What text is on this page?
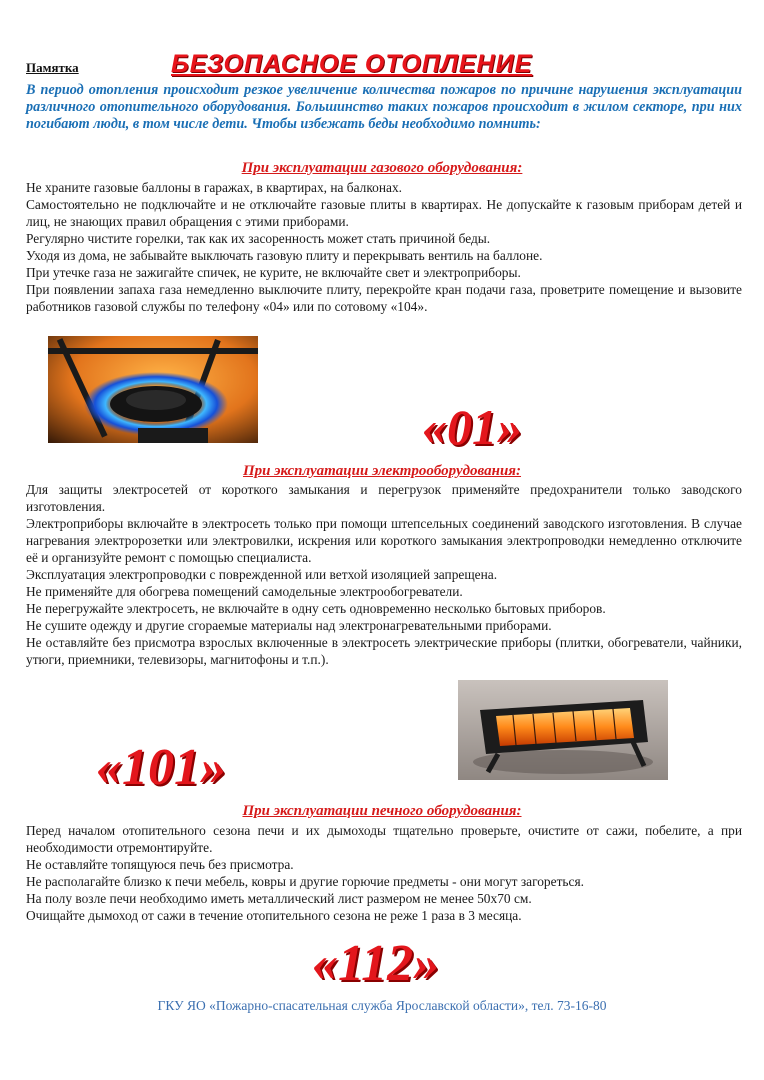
Памятка	БЕЗОПАСНОЕ ОТОПЛЕНИЕ

В период отопления происходит резкое увеличение количества пожаров по причине нарушения эксплуатации различного отопительного оборудования. Большинство таких пожаров происходит в жилом секторе, при них погибают люди, в том числе дети. Чтобы избежать беды необходимо помнить:

При эксплуатации газового оборудования:

Не храните газовые баллоны в гаражах, в квартирах, на балконах.
Самостоятельно не подключайте и не отключайте газовые плиты в квартирах. Не допускайте к газовым приборам детей и лиц, не знающих правил обращения с этими приборами.
Регулярно чистите горелки, так как их засоренность может стать причиной беды.
Уходя из дома, не забывайте выключать газовую плиту и перекрывать вентиль на баллоне.
При утечке газа не зажигайте спичек, не курите, не включайте свет и электроприборы.
При появлении запаха газа немедленно выключите плиту, перекройте кран подачи газа, проветрите помещение и вызовите работников газовой службы по телефону «04» или по сотовому «104».
«01»

При эксплуатации электрооборудования:

Для защиты электросетей от короткого замыкания и перегрузок применяйте предохранители только заводского изготовления.
Электроприборы включайте в электросеть только при помощи штепсельных соединений заводского изготовления. В случае нагревания электророзетки или электровилки, искрения или короткого замыкания электропроводки немедленно отключите её и организуйте ремонт с помощью специалиста.
Эксплуатация электропроводки с поврежденной или ветхой изоляцией запрещена.
Не применяйте для обогрева помещений самодельные электрообогреватели.
Не перегружайте электросеть, не включайте в одну сеть одновременно несколько бытовых приборов.
Не сушите одежду и другие сгораемые материалы над электронагревательными приборами.
Не оставляйте без присмотра взрослых включенные в электросеть электрические приборы (плитки, обогреватели, чайники, утюги, приемники, телевизоры, магнитофоны и т.п.).
«101»

При эксплуатации печного оборудования:

Перед началом отопительного сезона печи и их дымоходы тщательно проверьте, очистите от сажи, побелите, а при необходимости отремонтируйте.
Не оставляйте топящуюся печь без присмотра.
Не располагайте близко к печи мебель, ковры и другие горючие предметы - они могут загореться.
На полу возле печи необходимо иметь металлический лист размером не менее 50х70 см.
Очищайте дымоход от сажи в течение отопительного сезона не реже 1 раза в 3 месяца.
«112»
ГКУ ЯО «Пожарно-спасательная служба Ярославской области», тел. 73-16-80
